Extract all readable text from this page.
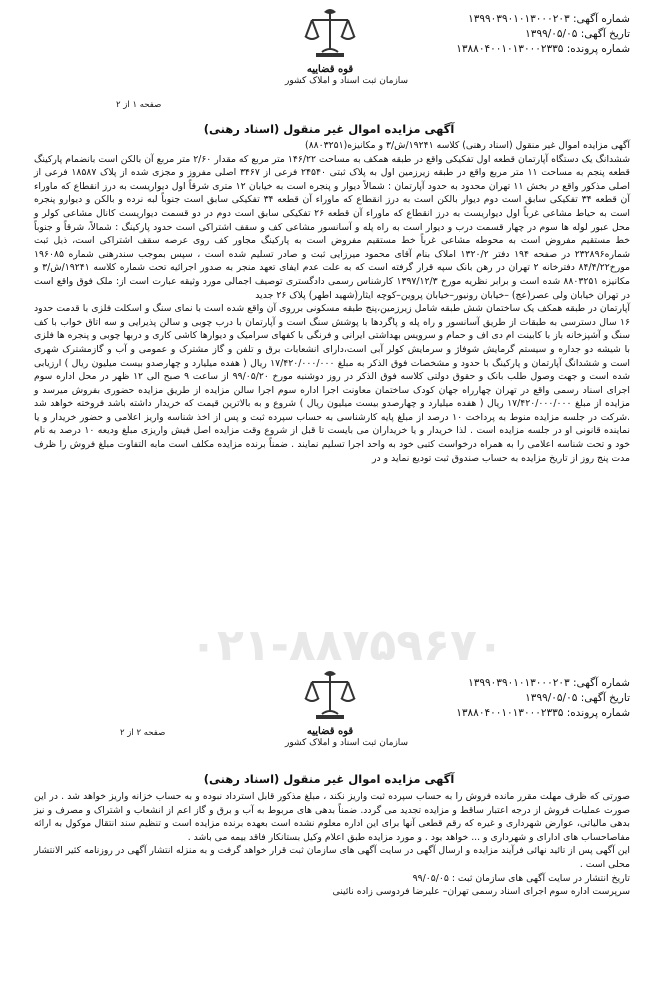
شماره آگهی: ۱۳۹۹۰۳۹۰۱۰۱۳۰۰۰۲۰۳
تاریخ آگهی: ۱۳۹۹/۰۵/۰۵
شماره پرونده: ۱۳۸۸۰۴۰۰۱۰۱۳۰۰۰۲۳۳۵
قوه قضاییه
سازمان ثبت اسناد و املاک کشور
صفحه ۱ از ۲
آگهی مزایده اموال غیر منقول (اسناد رهنی)

آگهی مزایده اموال غیر منقول (اسناد رهنی) کلاسه ۱۹۲۴۱/ش/۳ و مکانیزه(۸۸۰۳۲۵۱)

ششدانگ یک دستگاه آپارتمان قطعه اول تفکیکی واقع در طبقه همکف به مساحت ۱۴۶/۲۲ متر مربع که مقدار ۲/۶۰ متر مربع آن بالکن است بانضمام پارکینگ قطعه پنجم به مساحت ۱۱ متر مربع واقع در طبقه زیرزمین اول به پلاک ثبتی ۲۴۵۴۰ فرعی از ۳۴۶۷ اصلی مفروز و مجزی شده از پلاک ۱۸۵۸۷ فرعی از اصلی مذکور واقع در بخش ۱۱ تهران محدود به حدود آپارتمان : شمالاً دیوار و پنجره است به خیابان ۱۲ متری شرقاً اول دیواریست به درز انقطاع که ماوراء آن قطعه ۳۴ تفکیکی سابق است دوم دیوار بالکن است به درز انقطاع که ماوراء آن قطعه ۳۴ تفکیکی سابق است جنوباً لبه نرده و بالکن و دیوارو پنجره است به حیاط مشاعی غرباً اول دیواریست به درز انقطاع که ماوراء آن قطعه ۲۶ تفکیکی سابق است دوم در دو قسمت دیواریست کانال مشاعی کولر و محل عبور لوله ها سوم در چهار قسمت درب و دیوار است به راه پله و آسانسور مشاعی کف و سقف اشتراکی است حدود پارکینگ : شمالاً، شرقاً و جنوباً خط مستقیم مفروض است به محوطه مشاعی غرباً خط مستقیم مفروض است به پارکینگ مجاور کف روی عرصه سقف اشتراکی است، ذیل ثبت شماره۲۳۲۸۹۶ در صفحه ۱۹۴ دفتر ۱۳۲۰/۲ املاک بنام آقای محمود میرزایی ثبت و صادر تسلیم شده است ، سپس بموجب سندرهنی شماره ۱۹۶۰۸۵ مورخ۸۴/۴/۲۲ دفترخانه ۲ تهران در رهن بانک سپه قرار گرفته است که به علت عدم ایفای تعهد منجر به صدور اجرائیه تحت شماره کلاسه ۱۹۲۴۱/ش/۳ و مکانیزه ۸۸۰۳۲۵۱ شده است و برابر نظریه مورخ ۱۳۹۷/۱۲/۳ کارشناس رسمی دادگستری توصیف اجمالی مورد وثیقه عبارت است از: ملک فوق واقع است در تهران خیابان ولی عصر(عج) –خیابان رونیور–خیابان پروین–کوچه ایثار(شهید اطهر) پلاک ۲۶ جدید

آپارتمان در طبقه همکف یک ساختمان شش طبقه شامل زیرزمین،پنج طبقه مسکونی برروی آن واقع شده است با نمای سنگ و اسکلت فلزی با قدمت حدود ۱۶ سال دسترسی به طبقات از طریق آسانسور و راه پله و پاگردها با پوشش سنگ است و آپارتمان با درب چوبی و سالن پذیرایی و سه اتاق خواب با کف سنگ و آشپزخانه باز با کابینت ام دی اف و حمام و سرویس بهداشتی ایرانی و فرنگی با کفهای سرامیک و دیوارها کاشی کاری و دربها چوبی و پنجره ها فلزی با شیشه دو جداره و سیستم گرمایش شوفاژ و سرمایش کولر آبی است،دارای انشعابات برق و تلفن و گاز مشترک و عمومی و آب و گازمشترک شهری است و ششدانگ آپارتمان و پارکینگ با حدود و مشخصات فوق الذکر به مبلغ ۱۷/۴۲۰/۰۰۰/۰۰۰ ریال ( هفده میلیارد و چهارصدو بیست میلیون ریال ) ارزیابی شده است و جهت وصول طلب بانک و حقوق دولتی کلاسه فوق الذکر در روز دوشنبه مورخ ۹۹/۰۵/۲۰ از ساعت ۹ صبح الی ۱۲ ظهر در محل اداره سوم اجرای اسناد رسمی واقع در تهران چهارراه جهان کودک ساختمان معاونت اجرا اداره سوم اجرا سالن مزایده از طریق مزایده حضوری بفروش میرسد و مزایده از مبلغ ۱۷/۴۲۰/۰۰۰/۰۰۰ ریال ( هفده میلیارد و چهارصدو بیست میلیون ریال ) شروع و به بالاترین قیمت که خریدار داشته باشد فروخته خواهد شد .شرکت در جلسه مزایده منوط به پرداخت ۱۰ درصد از مبلغ پایه کارشناسی به حساب سپرده ثبت و پس از اخذ شناسه واریز اعلامی و حضور خریدار و یا نماینده قانونی او در جلسه مزایده است . لذا خریدار و یا خریداران می بایست تا قبل از شروع وقت مزایده اصل فیش واریزی مبلغ ودیعه ۱۰ درصد به نام خود و تحت شناسه اعلامی را به همراه درخواست کتبی خود به واحد اجرا تسلیم نمایند . ضمناً برنده مزایده مکلف است مابه التفاوت مبلغ فروش را ظرف مدت پنج روز از تاریخ مزایده به حساب صندوق ثبت تودیع نماید و در

۰۲۱-۸۸۷۵۹۶۷۰
شماره آگهی: ۱۳۹۹۰۳۹۰۱۰۱۳۰۰۰۲۰۳
تاریخ آگهی: ۱۳۹۹/۰۵/۰۵
شماره پرونده: ۱۳۸۸۰۴۰۰۱۰۱۳۰۰۰۲۳۳۵
قوه قضاییه
سازمان ثبت اسناد و املاک کشور
صفحه ۲ از ۲
آگهی مزایده اموال غیر منقول (اسناد رهنی)

صورتی که ظرف مهلت مقرر مانده فروش را به حساب سپرده ثبت واریز نکند ، مبلغ مذکور قابل استرداد نبوده و به حساب خزانه واریز خواهد شد . در این صورت عملیات فروش از درجه اعتبار ساقط و مزایده تجدید می گردد. ضمناً بدهی های مربوط به آب و برق و گاز اعم از انشعاب و اشتراک و مصرف و نیز بدهی مالیاتی، عوارض شهرداری و غیره که رقم قطعی آنها برای این اداره معلوم نشده است بعهده برنده مزایده است و تنظیم سند انتقال موکول به ارائه مفاصاحساب های ادارای و شهرداری و ... خواهد بود . و مورد مزایده طبق اعلام وکیل بستانکار فاقد بیمه می باشد .

این آگهی پس از تائید نهائی فرآیند مزایده و ارسال آگهی در سایت آگهی های سازمان ثبت قرار خواهد گرفت و به منزله انتشار آگهی در روزنامه کثیر الانتشار محلی است .

تاریخ انتشار در سایت آگهی های سازمان ثبت : ۹۹/۰۵/۰۵

سرپرست اداره سوم اجرای اسناد رسمی تهران– علیرضا فردوسی زاده نائینی
